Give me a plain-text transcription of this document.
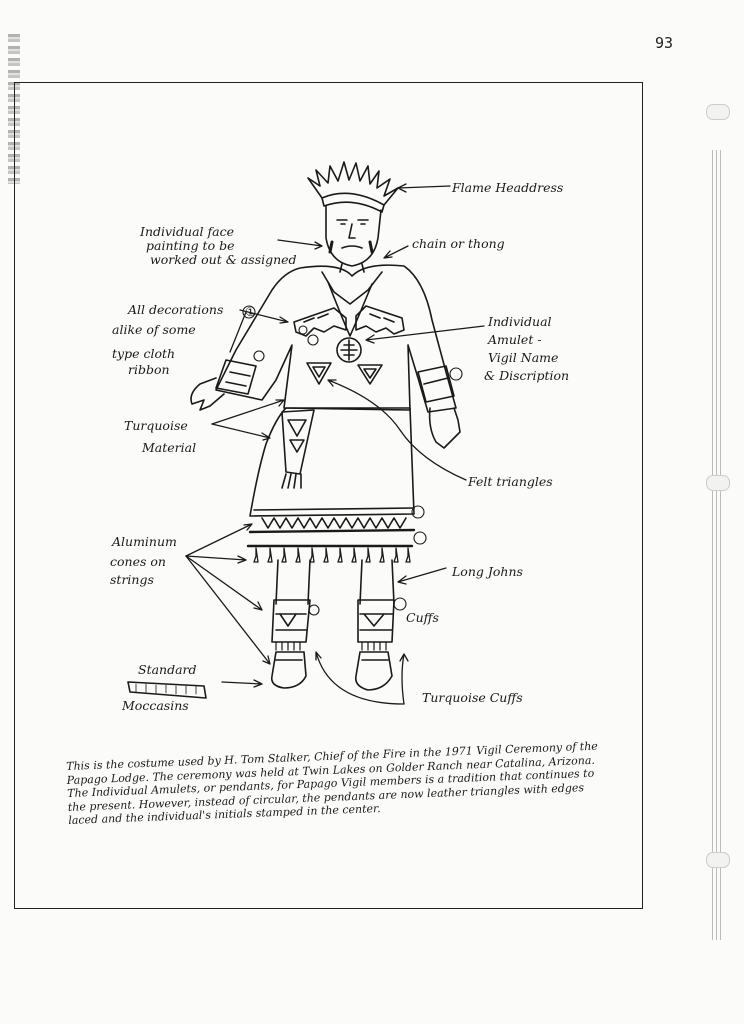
93
①
Flame Headdress
Individual face
painting to be
worked out & assigned
chain or thong
All decorations
alike of some
type cloth
ribbon
Individual
Amulet -
Vigil Name
& Discription
Turquoise
Material
Felt triangles
Aluminum
cones on
strings
Long Johns
Cuffs
Standard
Moccasins
Turquoise Cuffs

This is the costume used by H. Tom Stalker, Chief of the Fire in the 1971 Vigil Ceremony of the Papago Lodge. The ceremony was held at Twin Lakes on Golder Ranch near Catalina, Arizona. The Individual Amulets, or pendants, for Papago Vigil members is a tradition that continues to the present. However, instead of circular, the pendants are now leather triangles with edges laced and the individual's initials stamped in the center.
